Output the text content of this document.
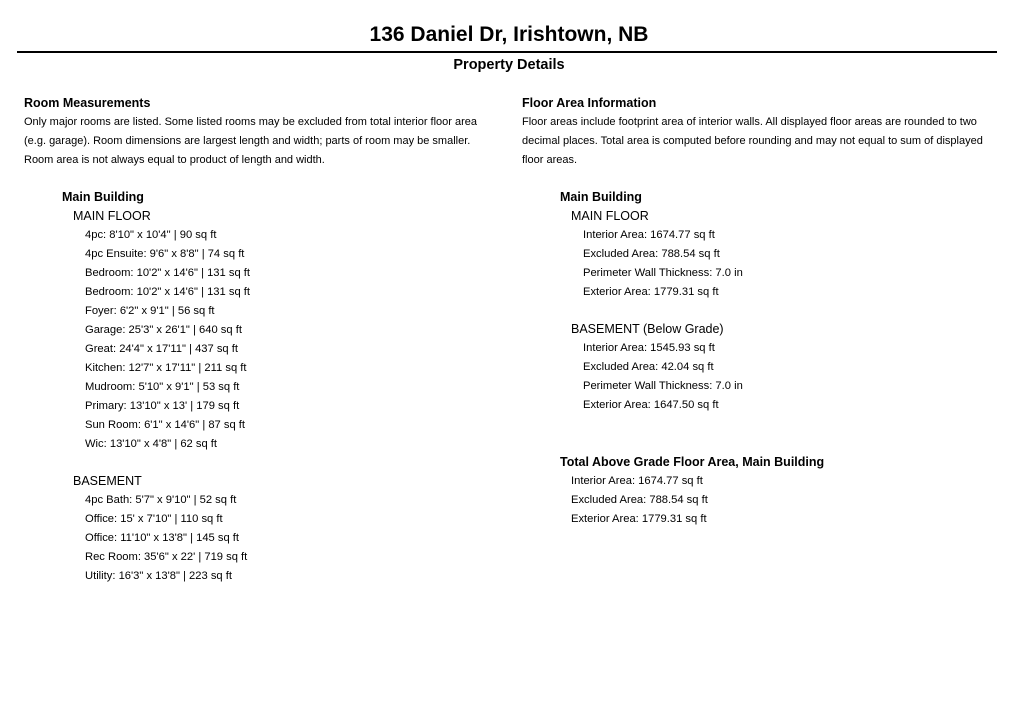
136 Daniel Dr, Irishtown, NB
Property Details
Room Measurements
Only major rooms are listed. Some listed rooms may be excluded from total interior floor area
(e.g. garage). Room dimensions are largest length and width; parts of room may be smaller.
Room area is not always equal to product of length and width.
Main Building
MAIN FLOOR
4pc: 8'10" x 10'4" | 90 sq ft
4pc Ensuite: 9'6" x 8'8" | 74 sq ft
Bedroom: 10'2" x 14'6" | 131 sq ft
Bedroom: 10'2" x 14'6" | 131 sq ft
Foyer: 6'2" x 9'1" | 56 sq ft
Garage: 25'3" x 26'1" | 640 sq ft
Great: 24'4" x 17'11" | 437 sq ft
Kitchen: 12'7" x 17'11" | 211 sq ft
Mudroom: 5'10" x 9'1" | 53 sq ft
Primary: 13'10" x 13' | 179 sq ft
Sun Room: 6'1" x 14'6" | 87 sq ft
Wic: 13'10" x 4'8" | 62 sq ft
BASEMENT
4pc Bath: 5'7" x 9'10" | 52 sq ft
Office: 15' x 7'10" | 110 sq ft
Office: 11'10" x 13'8" | 145 sq ft
Rec Room: 35'6" x 22' | 719 sq ft
Utility: 16'3" x 13'8" | 223 sq ft
Floor Area Information
Floor areas include footprint area of interior walls. All displayed floor areas are rounded to two
decimal places. Total area is computed before rounding and may not equal to sum of displayed
floor areas.
Main Building
MAIN FLOOR
Interior Area: 1674.77 sq ft
Excluded Area: 788.54 sq ft
Perimeter Wall Thickness: 7.0 in
Exterior Area: 1779.31 sq ft
BASEMENT (Below Grade)
Interior Area: 1545.93 sq ft
Excluded Area: 42.04 sq ft
Perimeter Wall Thickness: 7.0 in
Exterior Area: 1647.50 sq ft
Total Above Grade Floor Area, Main Building
Interior Area: 1674.77 sq ft
Excluded Area: 788.54 sq ft
Exterior Area: 1779.31 sq ft
